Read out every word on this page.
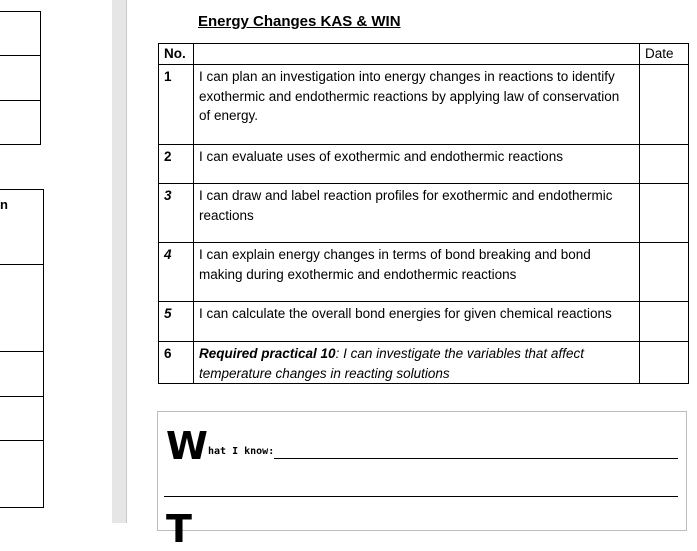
n
Energy Changes KAS & WIN
No.		Date
1	I can plan an investigation into energy changes in reactions to identify exothermic and endothermic reactions by applying law of conservation of energy.	
2	I can evaluate uses of exothermic and endothermic reactions	
3	I can draw and label reaction profiles for exothermic and endothermic reactions	
4	I can explain energy changes in terms of bond breaking and bond making during exothermic and endothermic reactions	
5	I can calculate the overall bond energies for given chemical reactions	
6	Required practical 10: I can investigate the variables that affect temperature changes in reacting solutions	
W hat I know:
T
